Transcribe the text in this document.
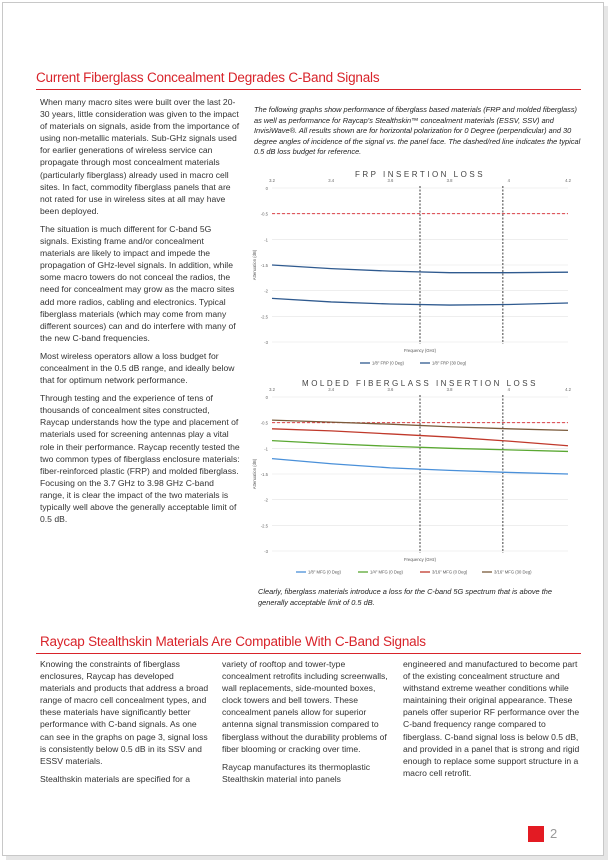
Current Fiberglass Concealment Degrades C-Band Signals

When many macro sites were built over the last 20-30 years, little consideration was given to the impact of materials on signals, aside from the importance of using non-metallic materials. Sub-GHz signals used for earlier generations of wireless service can propagate through most concealment materials (particularly fiberglass) already used in macro cell sites. In fact, commodity fiberglass panels that are not rated for use in wireless sites at all may have been deployed.

The situation is much different for C-band 5G signals. Existing frame and/or concealment materials are likely to impact and impede the propagation of GHz-level signals. In addition, while some macro towers do not conceal the radios, the need for concealment may grow as the macro sites add more radios, cabling and electronics. Typical fiberglass materials (which may come from many different sources) can and do interfere with many of the new C-band frequencies.

Most wireless operators allow a loss budget for concealment in the 0.5 dB range, and ideally below that for optimum network performance.

Through testing and the experience of tens of thousands of concealment sites constructed, Raycap understands how the type and placement of materials used for screening antennas play a vital role in their performance. Raycap recently tested the two common types of fiberglass enclosure materials: fiber-reinforced plastic (FRP) and molded fiberglass. Focusing on the 3.7 GHz to 3.98 GHz C-band range, it is clear the impact of the two materials is typically well above the generally acceptable limit of 0.5 dB.

The following graphs show performance of fiberglass based materials (FRP and molded fiberglass) as well as performance for Raycap's Stealthskin™ concealment materials (ESSV, SSV) and InvisiWave®. All results shown are for horizontal polarization for 0 Degree (perpendicular) and 30 degree angles of incidence of the signal vs. the panel face. The dashed/red line indicates the typical 0.5 dB loss budget for reference.
FRP INSERTION LOSS
0
-0.5
-1
-1.5
-2
-2.5
-3
3.2	3.4	3.6	3.8	4	4.2
Attenuation (dB)
Frequency (GHz)
1/8" FRP (0 Deg)	1/8" FRP (30 Deg)
MOLDED FIBERGLASS INSERTION LOSS
0
-0.5
-1
-1.5
-2
-2.5
-3
3.2	3.4	3.6	3.8	4	4.2
Attenuation (dB)
Frequency (GHz)
1/8" MFG (0 Deg)	1/4" MFG (0 Deg)	3/16" MFG (0 Deg)	3/16" MFG (30 Deg)
Clearly, fiberglass materials introduce a loss for the C-band 5G spectrum that is above the generally acceptable limit of 0.5 dB.
Raycap Stealthskin Materials Are Compatible With C-Band Signals

Knowing the constraints of fiberglass enclosures, Raycap has developed materials and products that address a broad range of macro cell concealment types, and these materials have significantly better performance with C-band signals. As one can see in the graphs on page 3, signal loss is consistently below 0.5 dB in its SSV and ESSV materials.

Stealthskin materials are specified for a

variety of rooftop and tower-type concealment retrofits including screenwalls, wall replacements, side-mounted boxes, clock towers and bell towers. These concealment panels allow for superior antenna signal transmission compared to fiberglass without the durability problems of fiber blooming or cracking over time.

Raycap manufactures its thermoplastic Stealthskin material into panels

engineered and manufactured to become part of the existing concealment structure and withstand extreme weather conditions while maintaining their original appearance. These panels offer superior RF performance over the C-band frequency range compared to fiberglass. C-band signal loss is below 0.5 dB, and provided in a panel that is strong and rigid enough to replace some support structure in a macro cell retrofit.

2
